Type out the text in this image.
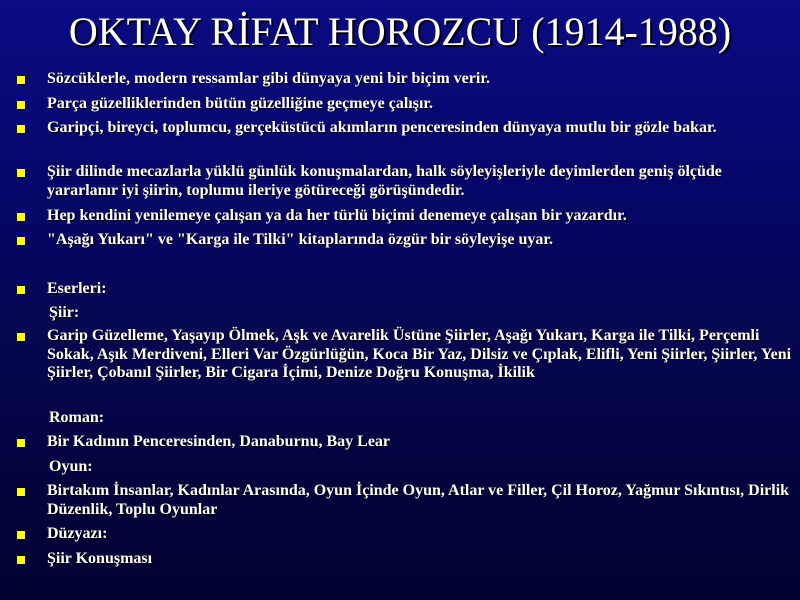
OKTAY RİFAT HOROZCU (1914-1988)
Sözcüklerle, modern ressamlar gibi dünyaya yeni bir biçim verir.
Parça güzelliklerinden bütün güzelliğine geçmeye çalışır.
Garipçi, bireyci, toplumcu, gerçeküstücü akımların penceresinden dünyaya mutlu bir gözle bakar.
Şiir dilinde mecazlarla yüklü günlük konuşmalardan, halk söyleyişleriyle deyimlerden geniş ölçüde yararlanır iyi şiirin, toplumu ileriye götüreceği görüşündedir.
Hep kendini yenilemeye çalışan ya da her türlü biçimi denemeye çalışan bir yazardır.
"Aşağı Yukarı" ve "Karga ile Tilki" kitaplarında özgür bir söyleyişe uyar.
Eserleri:
Şiir:
Garip Güzelleme, Yaşayıp Ölmek, Aşk ve Avarelik Üstüne Şiirler, Aşağı Yukarı, Karga ile Tilki, Perçemli Sokak, Aşık Merdiveni, Elleri Var Özgürlüğün, Koca Bir Yaz, Dilsiz ve Çıplak, Elifli, Yeni Şiirler, Şiirler, Yeni Şiirler, Çobanıl Şiirler, Bir Cigara İçimi, Denize Doğru Konuşma, İkilik
Roman:
Bir Kadının Penceresinden, Danaburnu, Bay Lear
Oyun:
Birtakım İnsanlar, Kadınlar Arasında, Oyun İçinde Oyun, Atlar ve Filler, Çil Horoz, Yağmur Sıkıntısı, Dirlik Düzenlik, Toplu Oyunlar
Düzyazı:
Şiir Konuşması
